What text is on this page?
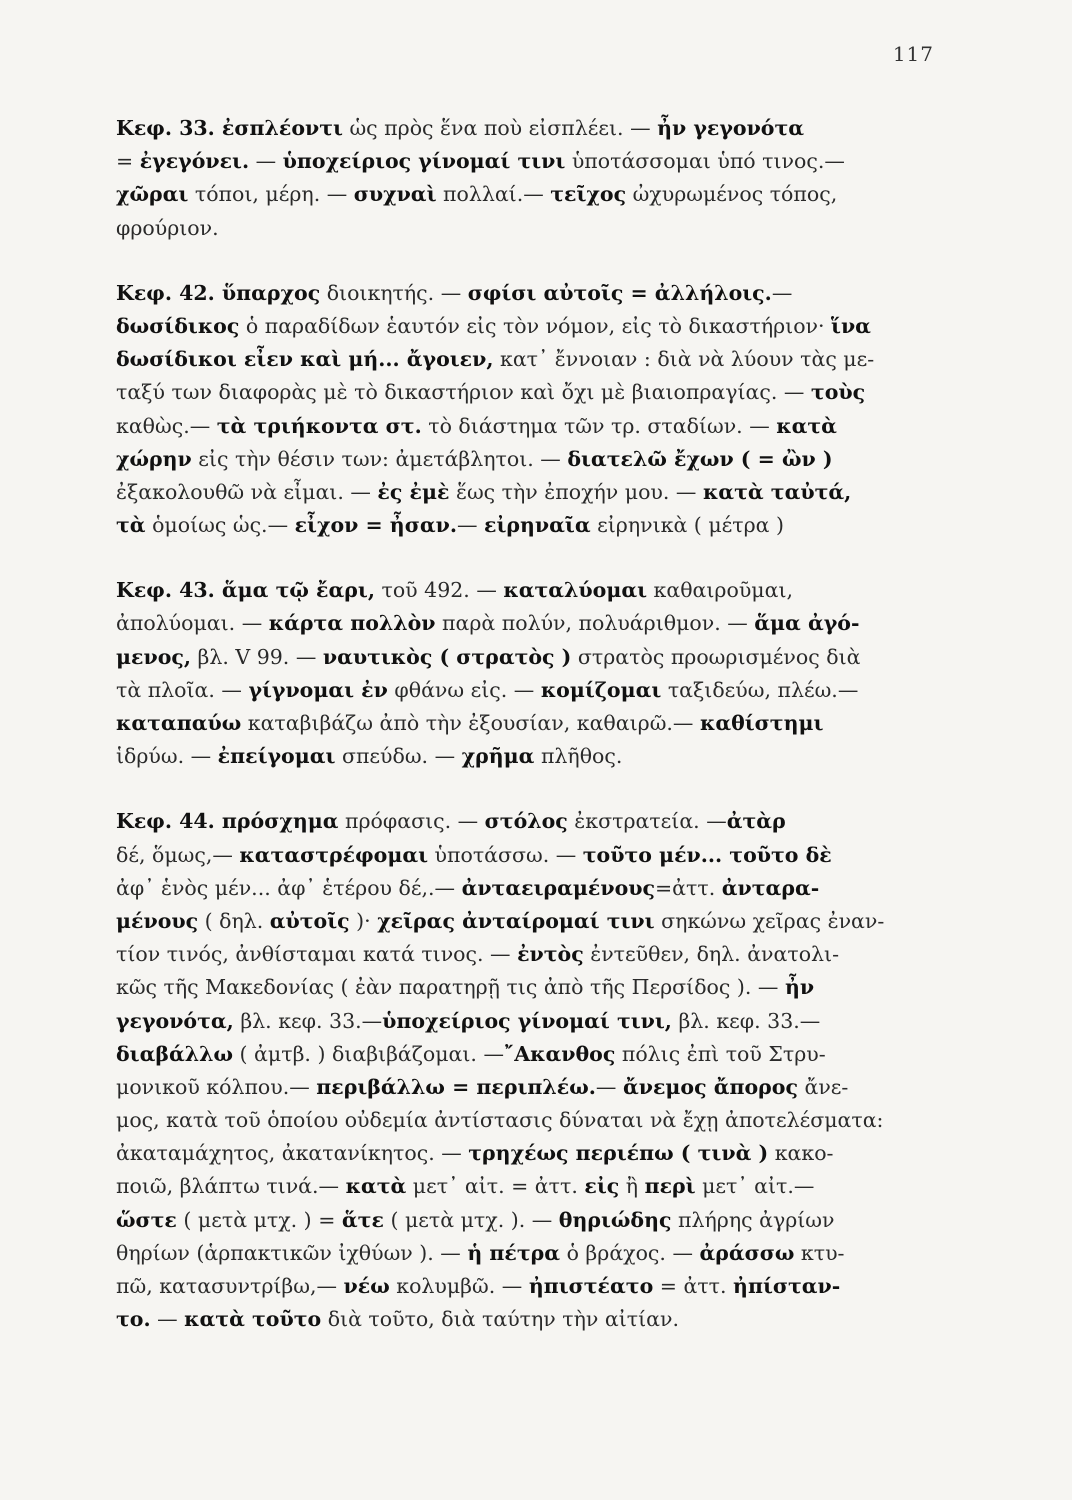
117
Κεφ. 33. ἐσπλέοντι ὡς πρὸς ἕνα ποὺ εἰσπλέει. — ἦν γεγονότα
= ἐγεγόνει. — ὑποχείριος γίνομαί τινι ὑποτάσσομαι ὑπό τινος.—
χῶραι τόποι, μέρη. — συχναὶ πολλαί.— τεῖχος ὠχυρωμένος τόπος,
φρούριον.
Κεφ. 42. ὕπαρχος διοικητής. — σφίσι αὐτοῖς = ἀλλήλοις.—
δωσίδικος ὁ παραδίδων ἑαυτόν εἰς τὸν νόμον, εἰς τὸ δικαστήριον· ἵνα
δωσίδικοι εἶεν καὶ μή... ἄγοιεν, κατ᾽ ἔννοιαν : διὰ νὰ λύουν τὰς με-
ταξύ των διαφορὰς μὲ τὸ δικαστήριον καὶ ὄχι μὲ βιαιοπραγίας. — τοὺς
καθὼς.— τὰ τριήκοντα στ. τὸ διάστημα τῶν τρ. σταδίων. — κατὰ
χώρην εἰς τὴν θέσιν των: ἀμετάβλητοι. — διατελῶ ἔχων ( = ὢν )
ἐξακολουθῶ νὰ εἶμαι. — ἐς ἐμὲ ἕως τὴν ἐποχήν μου. — κατὰ ταὐτά,
τὰ ὁμοίως ὡς.— εἶχον = ἦσαν.— εἰρηναῖα εἰρηνικὰ ( μέτρα )
Κεφ. 43. ἅμα τῷ ἔαρι, τοῦ 492. — καταλύομαι καθαιροῦμαι,
ἀπολύομαι. — κάρτα πολλὸν παρὰ πολύν, πολυάριθμον. — ἅμα ἀγό-
μενος, βλ. V 99. — ναυτικὸς ( στρατὸς ) στρατὸς προωρισμένος διὰ
τὰ πλοῖα. — γίγνομαι ἐν φθάνω εἰς. — κομίζομαι ταξιδεύω, πλέω.—
καταπαύω καταβιβάζω ἀπὸ τὴν ἐξουσίαν, καθαιρῶ.— καθίστημι
ἱδρύω. — ἐπείγομαι σπεύδω. — χρῆμα πλῆθος.
Κεφ. 44. πρόσχημα πρόφασις. — στόλος ἐκστρατεία. —ἀτὰρ
δέ, ὅμως,— καταστρέφομαι ὑποτάσσω. — τοῦτο μέν... τοῦτο δὲ
ἀφ᾽ ἑνὸς μέν... ἀφ᾽ ἑτέρου δέ,.— ἀνταειραμένους=ἀττ. ἀνταρα-
μένους ( δηλ. αὐτοῖς )· χεῖρας ἀνταίρομαί τινι σηκώνω χεῖρας ἐναν-
τίον τινός, ἀνθίσταμαι κατά τινος. — ἐντὸς ἐντεῦθεν, δηλ. ἀνατολι-
κῶς τῆς Μακεδονίας ( ἐὰν παρατηρῇ τις ἀπὸ τῆς Περσίδος ). — ἦν
γεγονότα, βλ. κεφ. 33.—ὑποχείριος γίνομαί τινι, βλ. κεφ. 33.—
διαβάλλω ( ἀμτβ. ) διαβιβάζομαι. —῎Ακανθος πόλις ἐπὶ τοῦ Στρυ-
μονικοῦ κόλπου.— περιβάλλω = περιπλέω.— ἄνεμος ἄπορος ἄνε-
μος, κατὰ τοῦ ὁποίου οὐδεμία ἀντίστασις δύναται νὰ ἔχῃ ἀποτελέσματα:
ἀκαταμάχητος, ἀκατανίκητος. — τρηχέως περιέπω ( τινὰ ) κακο-
ποιῶ, βλάπτω τινά.— κατὰ μετ᾽ αἰτ. = ἀττ. εἰς ἢ περὶ μετ᾽ αἰτ.—
ὥστε ( μετὰ μτχ. ) = ἅτε ( μετὰ μτχ. ). — θηριώδης πλήρης ἀγρίων
θηρίων (ἁρπακτικῶν ἰχθύων ). — ἡ πέτρα ὁ βράχος. — ἀράσσω κτυ-
πῶ, κατασυντρίβω,— νέω κολυμβῶ. — ἠπιστέατο = ἀττ. ἠπίσταν-
το. — κατὰ τοῦτο διὰ τοῦτο, διὰ ταύτην τὴν αἰτίαν.
